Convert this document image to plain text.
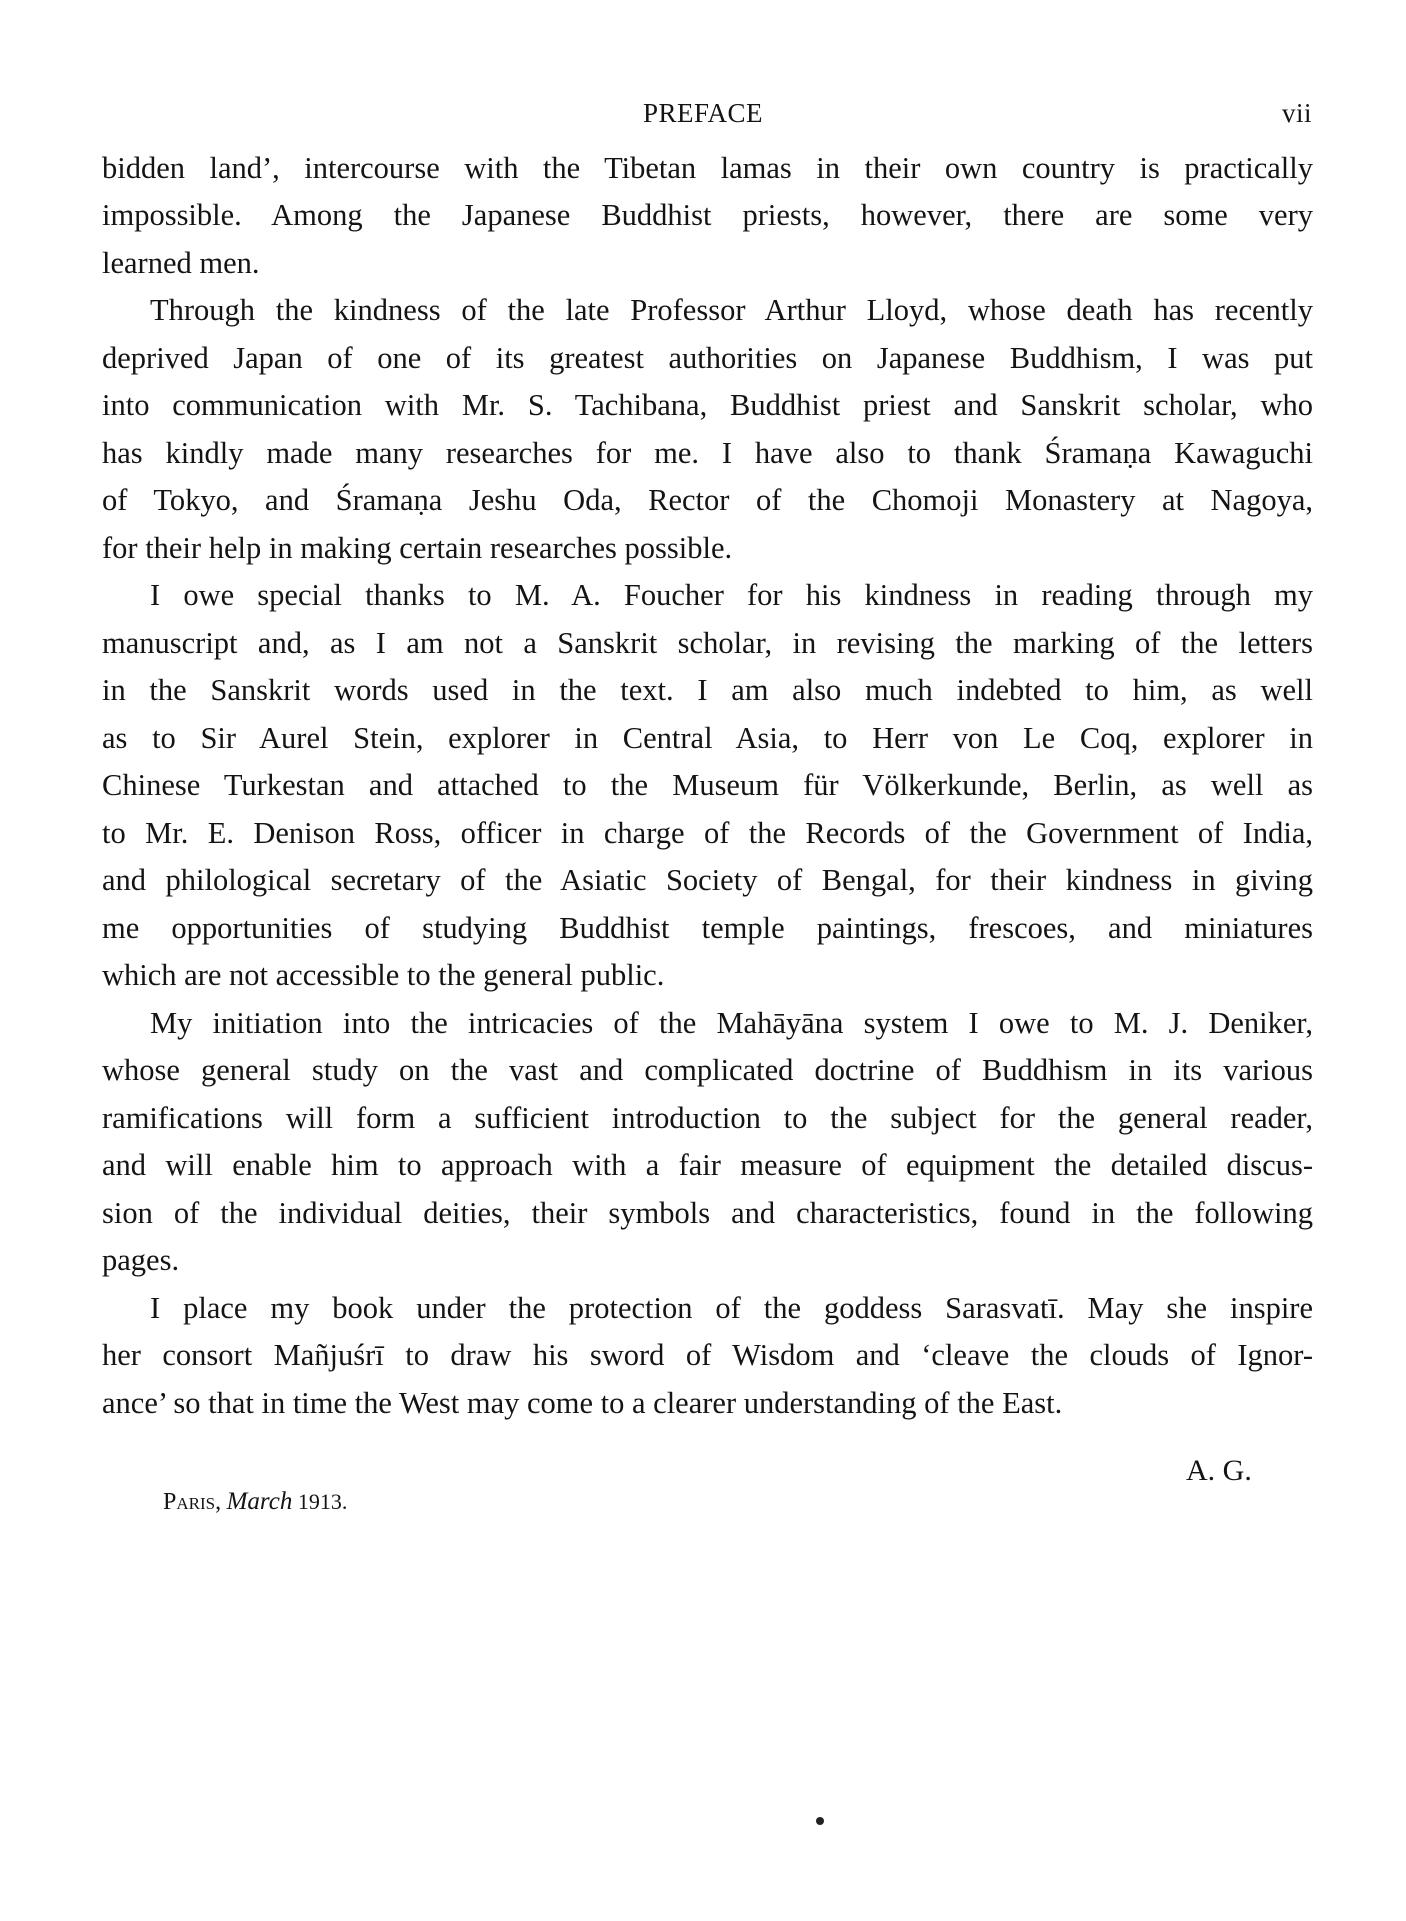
PREFACE	vii
bidden land’, intercourse with the Tibetan lamas in their own country is practically
impossible. Among the Japanese Buddhist priests, however, there are some very
learned men.
Through the kindness of the late Professor Arthur Lloyd, whose death has recently
deprived Japan of one of its greatest authorities on Japanese Buddhism, I was put
into communication with Mr. S. Tachibana, Buddhist priest and Sanskrit scholar, who
has kindly made many researches for me. I have also to thank Śramaṇa Kawaguchi
of Tokyo, and Śramaṇa Jeshu Oda, Rector of the Chomoji Monastery at Nagoya,
for their help in making certain researches possible.
I owe special thanks to M. A. Foucher for his kindness in reading through my
manuscript and, as I am not a Sanskrit scholar, in revising the marking of the letters
in the Sanskrit words used in the text. I am also much indebted to him, as well
as to Sir Aurel Stein, explorer in Central Asia, to Herr von Le Coq, explorer in
Chinese Turkestan and attached to the Museum für Völkerkunde, Berlin, as well as
to Mr. E. Denison Ross, officer in charge of the Records of the Government of India,
and philological secretary of the Asiatic Society of Bengal, for their kindness in giving
me opportunities of studying Buddhist temple paintings, frescoes, and miniatures
which are not accessible to the general public.
My initiation into the intricacies of the Mahāyāna system I owe to M. J. Deniker,
whose general study on the vast and complicated doctrine of Buddhism in its various
ramifications will form a sufficient introduction to the subject for the general reader,
and will enable him to approach with a fair measure of equipment the detailed discus-
sion of the individual deities, their symbols and characteristics, found in the following
pages.
I place my book under the protection of the goddess Sarasvatī. May she inspire
her consort Mañjuśrī to draw his sword of Wisdom and ‘cleave the clouds of Ignor-
ance’ so that in time the West may come to a clearer understanding of the East.
A. G.
Paris, March 1913.
